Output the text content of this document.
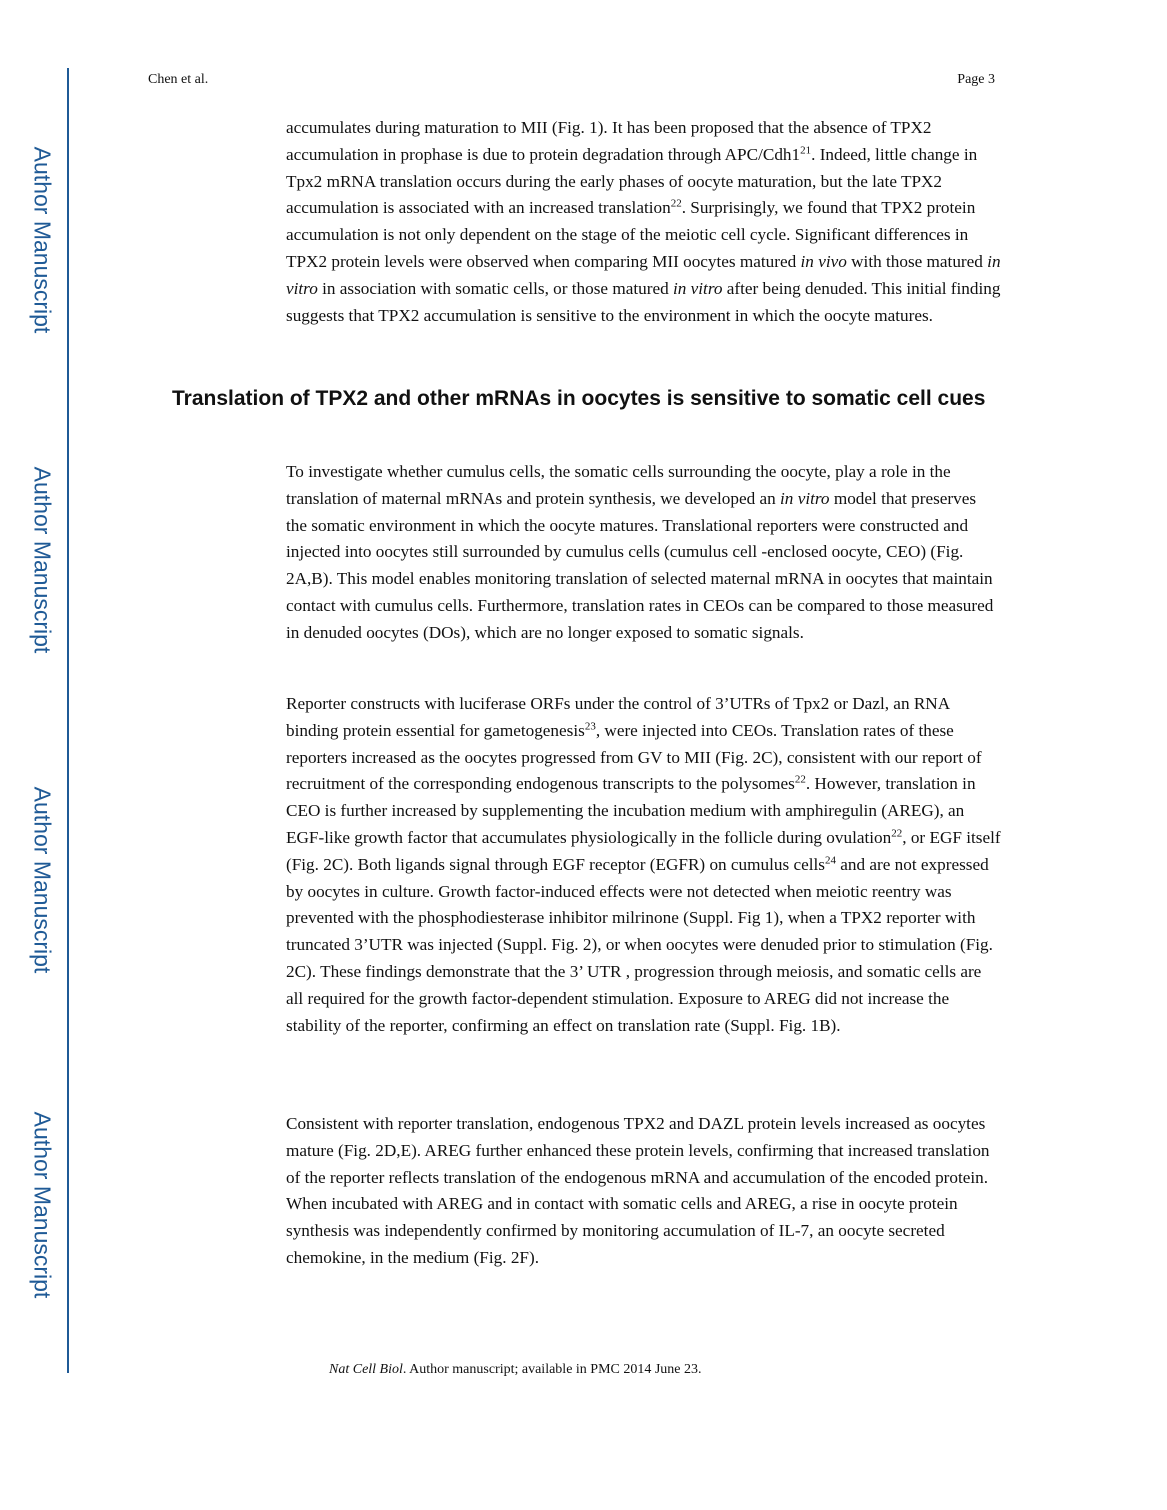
Author Manuscript
Author Manuscript
Author Manuscript
Author Manuscript
Chen et al.	Page 3
accumulates during maturation to MII (Fig. 1). It has been proposed that the absence of TPX2 accumulation in prophase is due to protein degradation through APC/$Cdh1^{21}$. Indeed, little change in Tpx2 mRNA translation occurs during the early phases of oocyte maturation, but the late TPX2 accumulation is associated with an increased translation$^{22}$. Surprisingly, we found that TPX2 protein accumulation is not only dependent on the stage of the meiotic cell cycle. Significant differences in TPX2 protein levels were observed when comparing MII oocytes matured in vivo with those matured in vitro in association with somatic cells, or those matured in vitro after being denuded. This initial finding suggests that TPX2 accumulation is sensitive to the environment in which the oocyte matures.
Translation of TPX2 and other mRNAs in oocytes is sensitive to somatic cell cues
To investigate whether cumulus cells, the somatic cells surrounding the oocyte, play a role in the translation of maternal mRNAs and protein synthesis, we developed an in vitro model that preserves the somatic environment in which the oocyte matures. Translational reporters were constructed and injected into oocytes still surrounded by cumulus cells (cumulus cell -enclosed oocyte, CEO) (Fig. 2A,B). This model enables monitoring translation of selected maternal mRNA in oocytes that maintain contact with cumulus cells. Furthermore, translation rates in CEOs can be compared to those measured in denuded oocytes (DOs), which are no longer exposed to somatic signals.
Reporter constructs with luciferase ORFs under the control of 3’UTRs of Tpx2 or Dazl, an RNA binding protein essential for gametogenesis$^{23}$, were injected into CEOs. Translation rates of these reporters increased as the oocytes progressed from GV to MII (Fig. 2C), consistent with our report of recruitment of the corresponding endogenous transcripts to the polysomes$^{22}$. However, translation in CEO is further increased by supplementing the incubation medium with amphiregulin (AREG), an EGF-like growth factor that accumulates physiologically in the follicle during ovulation$^{22}$, or EGF itself (Fig. 2C). Both ligands signal through EGF receptor (EGFR) on cumulus cells$^{24}$ and are not expressed by oocytes in culture. Growth factor-induced effects were not detected when meiotic reentry was prevented with the phosphodiesterase inhibitor milrinone (Suppl. Fig 1), when a TPX2 reporter with truncated 3’UTR was injected (Suppl. Fig. 2), or when oocytes were denuded prior to stimulation (Fig. 2C). These findings demonstrate that the 3’ UTR , progression through meiosis, and somatic cells are all required for the growth factor-dependent stimulation. Exposure to AREG did not increase the stability of the reporter, confirming an effect on translation rate (Suppl. Fig. 1B).
Consistent with reporter translation, endogenous TPX2 and DAZL protein levels increased as oocytes mature (Fig. 2D,E). AREG further enhanced these protein levels, confirming that increased translation of the reporter reflects translation of the endogenous mRNA and accumulation of the encoded protein. When incubated with AREG and in contact with somatic cells and AREG, a rise in oocyte protein synthesis was independently confirmed by monitoring accumulation of IL-7, an oocyte secreted chemokine, in the medium (Fig. 2F).
Nat Cell Biol. Author manuscript; available in PMC 2014 June 23.
